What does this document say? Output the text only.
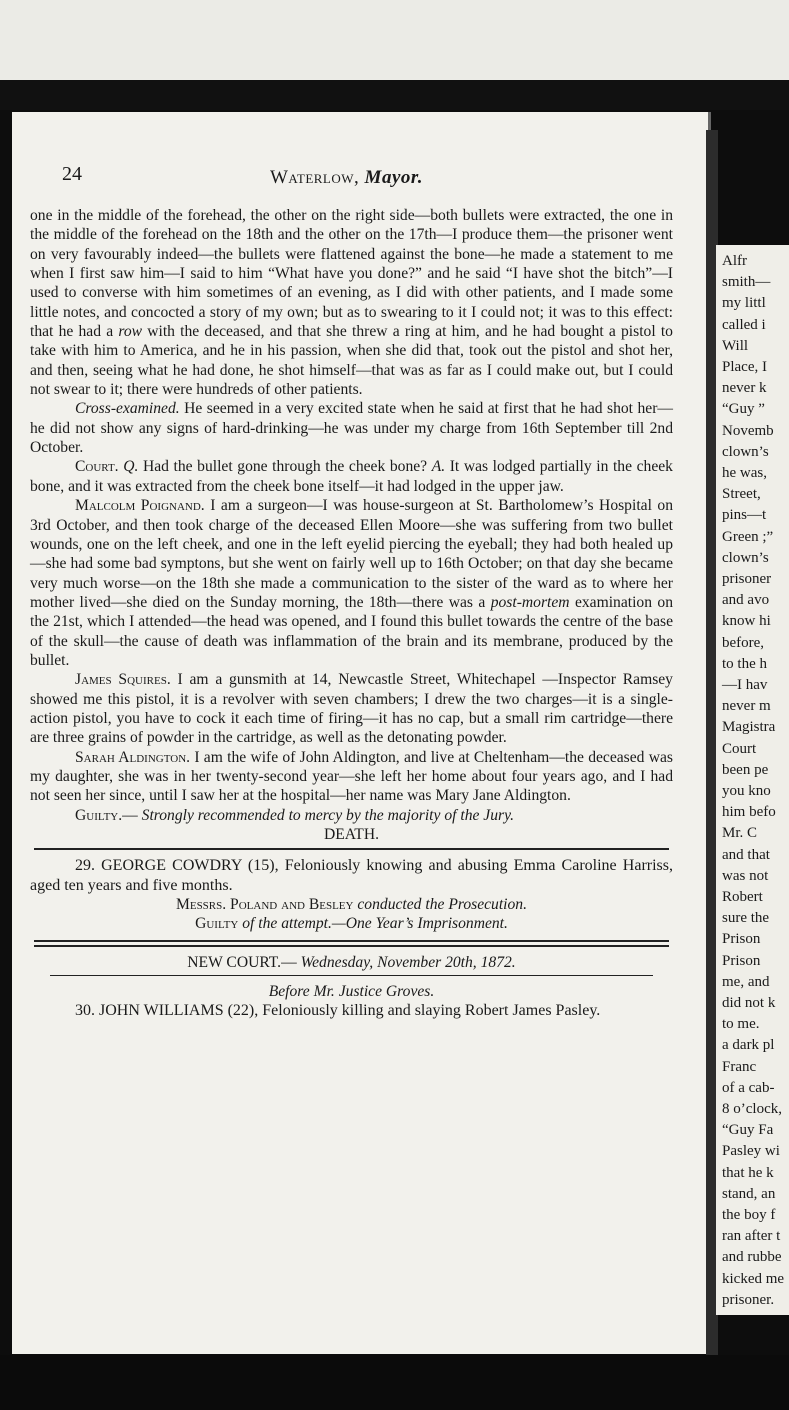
Alfr
smith—
my littl
called i
Will
Place, I
never k
“Guy ”
Novemb
clown’s
he was,
Street,
pins—t
Green ;”
clown’s
prisoner
and avo
know hi
before,
to the h
—I hav
never m
Magistra
Court
been pe
you kno
him befo
Mr. C
and that
was not
Robert
sure the
Prison
Prison
me, and
did not k
to me.
a dark pl
Franc
of a cab-
8 o’clock,
“Guy Fa
Pasley wi
that he k
stand, an
the boy f
ran after t
and rubbe
kicked me
prisoner.
24	Waterlow, Mayor.

one in the middle of the forehead, the other on the right side—both bullets were extracted, the one in the middle of the forehead on the 18th and the other on the 17th—I produce them—the prisoner went on very favourably indeed—the bullets were flattened against the bone—he made a statement to me when I first saw him—I said to him “What have you done?” and he said “I have shot the bitch”—I used to converse with him sometimes of an evening, as I did with other patients, and I made some little notes, and concocted a story of my own; but as to swearing to it I could not; it was to this effect: that he had a row with the deceased, and that she threw a ring at him, and he had bought a pistol to take with him to America, and he in his passion, when she did that, took out the pistol and shot her, and then, seeing what he had done, he shot himself—that was as far as I could make out, but I could not swear to it; there were hundreds of other patients.

Cross-examined. He seemed in a very excited state when he said at first that he had shot her—he did not show any signs of hard-drinking—he was under my charge from 16th September till 2nd October.

Court. Q. Had the bullet gone through the cheek bone? A. It was lodged partially in the cheek bone, and it was extracted from the cheek bone itself—it had lodged in the upper jaw.

Malcolm Poignand. I am a surgeon—I was house-surgeon at St. Bartholomew’s Hospital on 3rd October, and then took charge of the deceased Ellen Moore—she was suffering from two bullet wounds, one on the left cheek, and one in the left eyelid piercing the eyeball; they had both healed up—she had some bad symptons, but she went on fairly well up to 16th October; on that day she became very much worse—on the 18th she made a communication to the sister of the ward as to where her mother lived—she died on the Sunday morning, the 18th—there was a post-mortem examination on the 21st, which I attended—the head was opened, and I found this bullet towards the centre of the base of the skull—the cause of death was inflammation of the brain and its membrane, produced by the bullet.

James Squires. I am a gunsmith at 14, Newcastle Street, Whitechapel —Inspector Ramsey showed me this pistol, it is a revolver with seven chambers; I drew the two charges—it is a single-action pistol, you have to cock it each time of firing—it has no cap, but a small rim cartridge—there are three grains of powder in the cartridge, as well as the detonating powder.

Sarah Aldington. I am the wife of John Aldington, and live at Cheltenham—the deceased was my daughter, she was in her twenty-second year—she left her home about four years ago, and I had not seen her since, until I saw her at the hospital—her name was Mary Jane Aldington.

Guilty.— Strongly recommended to mercy by the majority of the Jury.

DEATH.

29. GEORGE COWDRY (15), Feloniously knowing and abusing Emma Caroline Harriss, aged ten years and five months.

Messrs. Poland and Besley conducted the Prosecution.

Guilty of the attempt.—One Year’s Imprisonment.

NEW COURT.— Wednesday, November 20th, 1872.

Before Mr. Justice Groves.

30. JOHN WILLIAMS (22), Feloniously killing and slaying Robert James Pasley.
